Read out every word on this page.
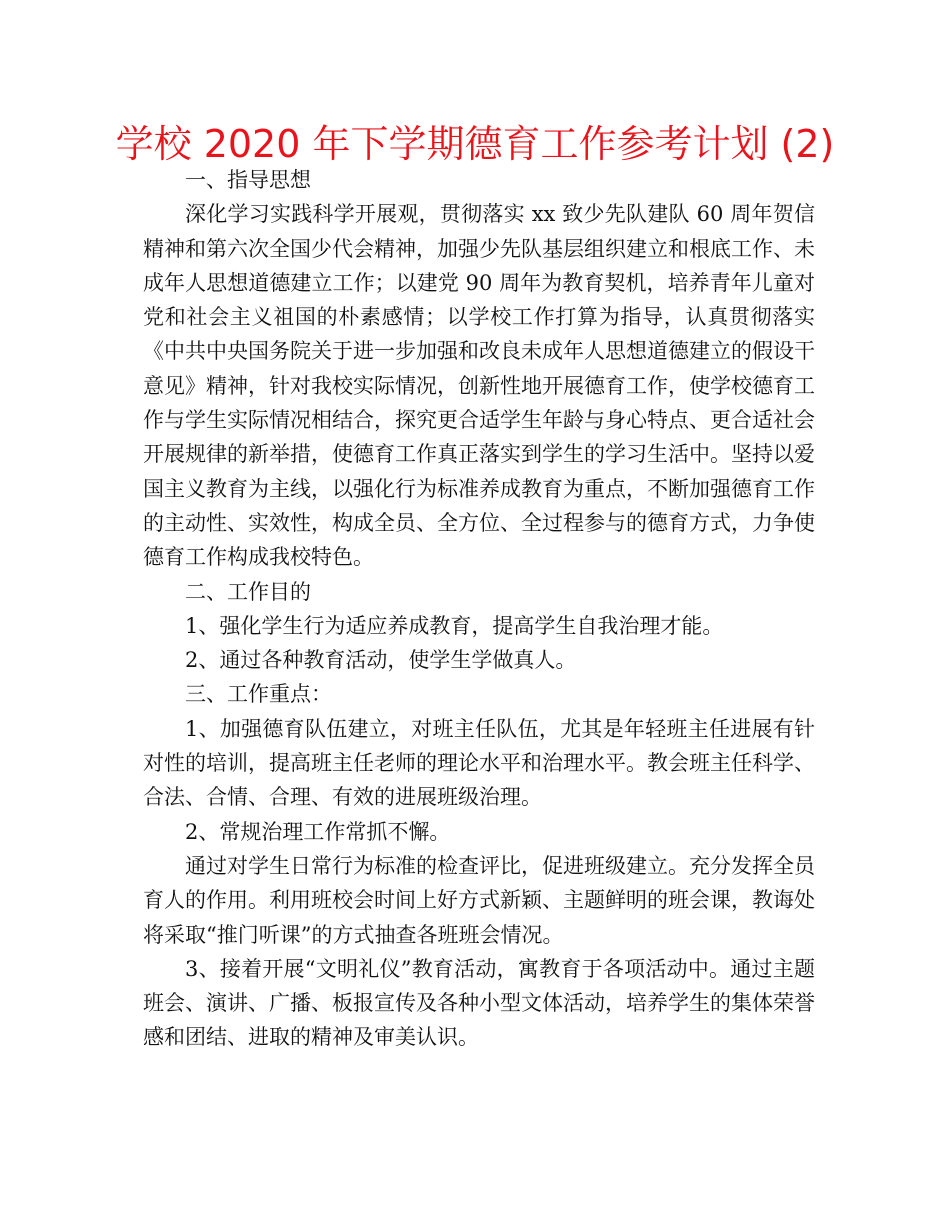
学校 2020 年下学期德育工作参考计划 (2)

一、指导思想

深化学习实践科学开展观，贯彻落实 xx 致少先队建队 60 周年贺信精神和第六次全国少代会精神，加强少先队基层组织建立和根底工作、未成年人思想道德建立工作；以建党 90 周年为教育契机，培养青年儿童对党和社会主义祖国的朴素感情；以学校工作打算为指导，认真贯彻落实《中共中央国务院关于进一步加强和改良未成年人思想道德建立的假设干意见》精神，针对我校实际情况，创新性地开展德育工作，使学校德育工作与学生实际情况相结合，探究更合适学生年龄与身心特点、更合适社会开展规律的新举措，使德育工作真正落实到学生的学习生活中。坚持以爱国主义教育为主线，以强化行为标准养成教育为重点，不断加强德育工作的主动性、实效性，构成全员、全方位、全过程参与的德育方式，力争使德育工作构成我校特色。

二、工作目的

1、强化学生行为适应养成教育，提高学生自我治理才能。

2、通过各种教育活动，使学生学做真人。

三、工作重点：

1、加强德育队伍建立，对班主任队伍，尤其是年轻班主任进展有针对性的培训，提高班主任老师的理论水平和治理水平。教会班主任科学、合法、合情、合理、有效的进展班级治理。

2、常规治理工作常抓不懈。

通过对学生日常行为标准的检查评比，促进班级建立。充分发挥全员育人的作用。利用班校会时间上好方式新颖、主题鲜明的班会课，教诲处将采取“推门听课”的方式抽查各班班会情况。

3、接着开展“文明礼仪”教育活动，寓教育于各项活动中。通过主题班会、演讲、广播、板报宣传及各种小型文体活动，培养学生的集体荣誉感和团结、进取的精神及审美认识。
